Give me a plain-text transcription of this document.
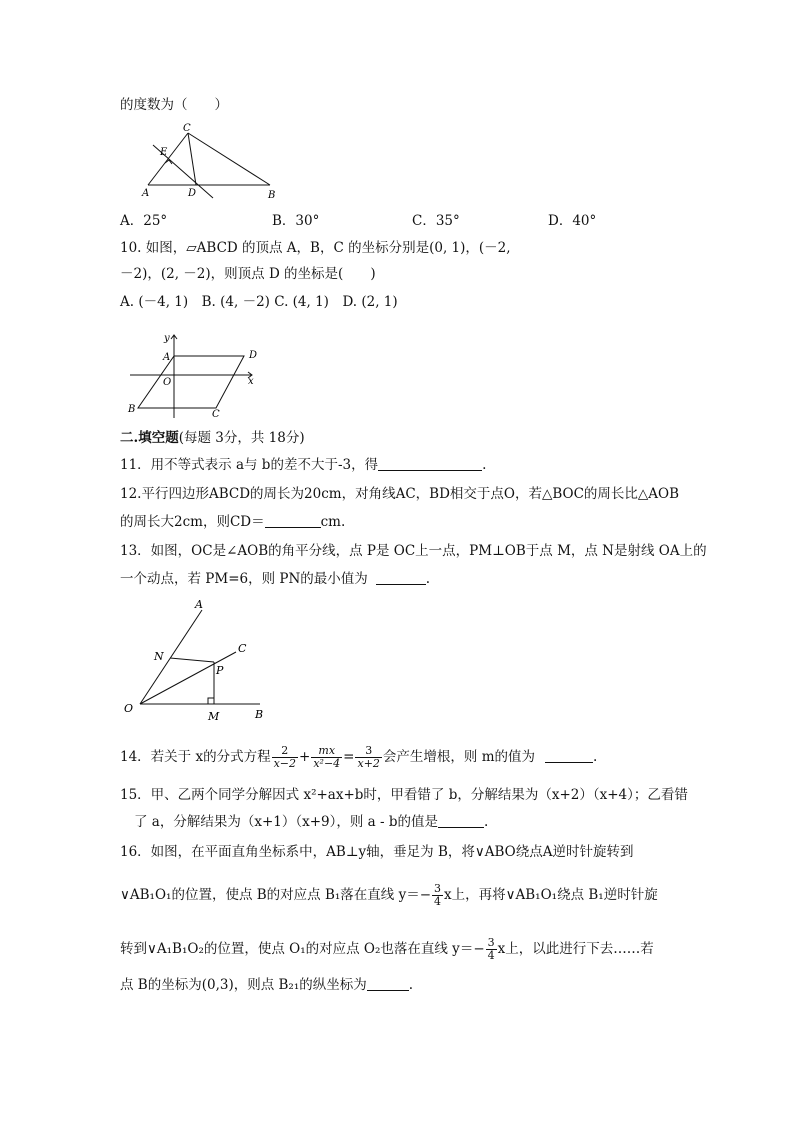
的度数为（　　）
C
E
A	D	B
A．25°	B．30°	C．35°	D．40°
10. 如图，▱ABCD 的顶点 A，B，C 的坐标分别是(0, 1)，(－2,
－2)，(2, －2)，则顶点 D 的坐标是(　　)
A. (－4, 1)　B. (4, －2) C. (4, 1)　D. (2, 1)
y
A	D
O	x
B	C
二.填空题(每题 3分，共 18分)
11．用不等式表示 a与 b的差不大于-3，得	.
12.平行四边形ABCD的周长为20cm，对角线AC，BD相交于点O，若△BOC的周长比△AOB
的周长大2cm，则CD＝	cm.
13．如图，OC是∠AOB的角平分线，点 P是 OC上一点，PM⊥OB于点 M，点 N是射线 OA上的
一个动点，若 PM=6，则 PN的最小值为	.
A
C
N
P
O
M	B
14．若关于 x的分式方程 $\frac{2}{x-2} + \frac{mx}{\text{x²−4}} = \frac{3}{x+2}$ 会产生增根，则 m的值为	.
15．甲、乙两个同学分解因式 x²+ax+b时，甲看错了 b，分解结果为（x+2）（x+4）；乙看错
了 a，分解结果为（x+1）（x+9），则 a - b的值是	.
16．如图，在平面直角坐标系中，AB⊥y轴，垂足为 B，将∨ABO绕点A逆时针旋转到
∨AB₁O₁的位置，使点 B的对应点 B₁落在直线 $y=- \frac{3}{4}$ x上，再将∨AB₁O₁绕点 B₁逆时针旋
转到∨A₁B₁O₂的位置，使点 O₁的对应点 O₂也落在直线 $y=- \frac{3}{4}$ x上，以此进行下去……若
点 B的坐标为(0,3)，则点 B₂₁的纵坐标为	.
